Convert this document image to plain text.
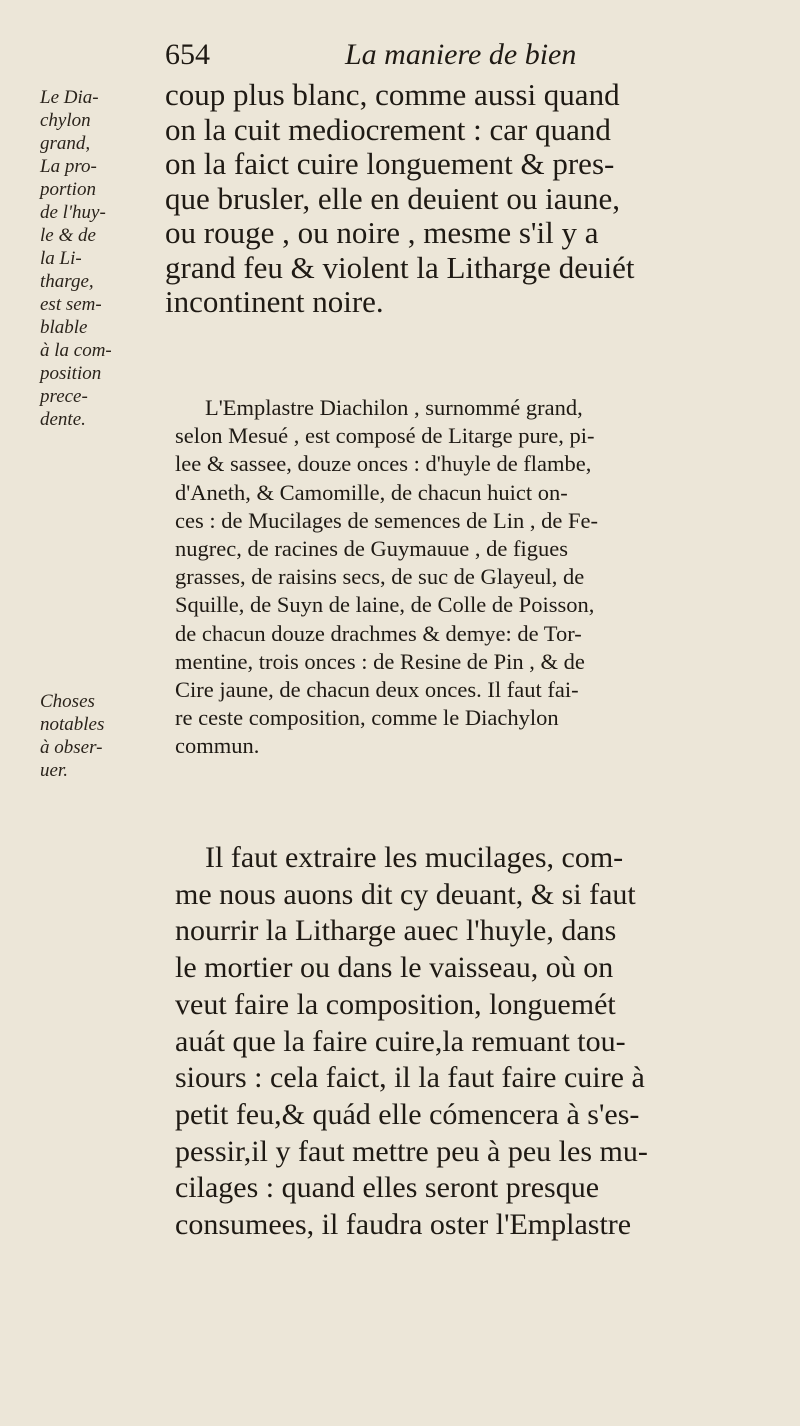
654	La maniere de bien
Le Dia-
chylon
grand,
La pro-
portion
de l'huy-
le & de
la Li-
tharge,
est sem-
blable
à la com-
position
prece-
dente.
Choses
notables
à obser-
uer.
coup plus blanc, comme aussi quand
on la cuit mediocrement : car quand
on la faict cuire longuement & pres-
que brusler, elle en deuient ou iaune,
ou rouge , ou noire , mesme s'il y a
grand feu & violent la Litharge deuiét
incontinent noire.
L'Emplastre Diachilon , surnommé grand,
selon Mesué , est composé de Litarge pure, pi-
lee & sassee, douze onces : d'huyle de flambe,
d'Aneth, & Camomille, de chacun huict on-
ces : de Mucilages de semences de Lin , de Fe-
nugrec, de racines de Guymauue , de figues
grasses, de raisins secs, de suc de Glayeul, de
Squille, de Suyn de laine, de Colle de Poisson,
de chacun douze drachmes & demye: de Tor-
mentine, trois onces : de Resine de Pin , & de
Cire jaune, de chacun deux onces. Il faut fai-
re ceste composition, comme le Diachylon
commun.
Il faut extraire les mucilages, com-
me nous auons dit cy deuant, & si faut
nourrir la Litharge auec l'huyle, dans
le mortier ou dans le vaisseau, où on
veut faire la composition, longuemét
auát que la faire cuire,la remuant tou-
siours : cela faict, il la faut faire cuire à
petit feu,& quád elle cómencera à s'es-
pessir,il y faut mettre peu à peu les mu-
cilages : quand elles seront presque
consumees, il faudra oster l'Emplastre
